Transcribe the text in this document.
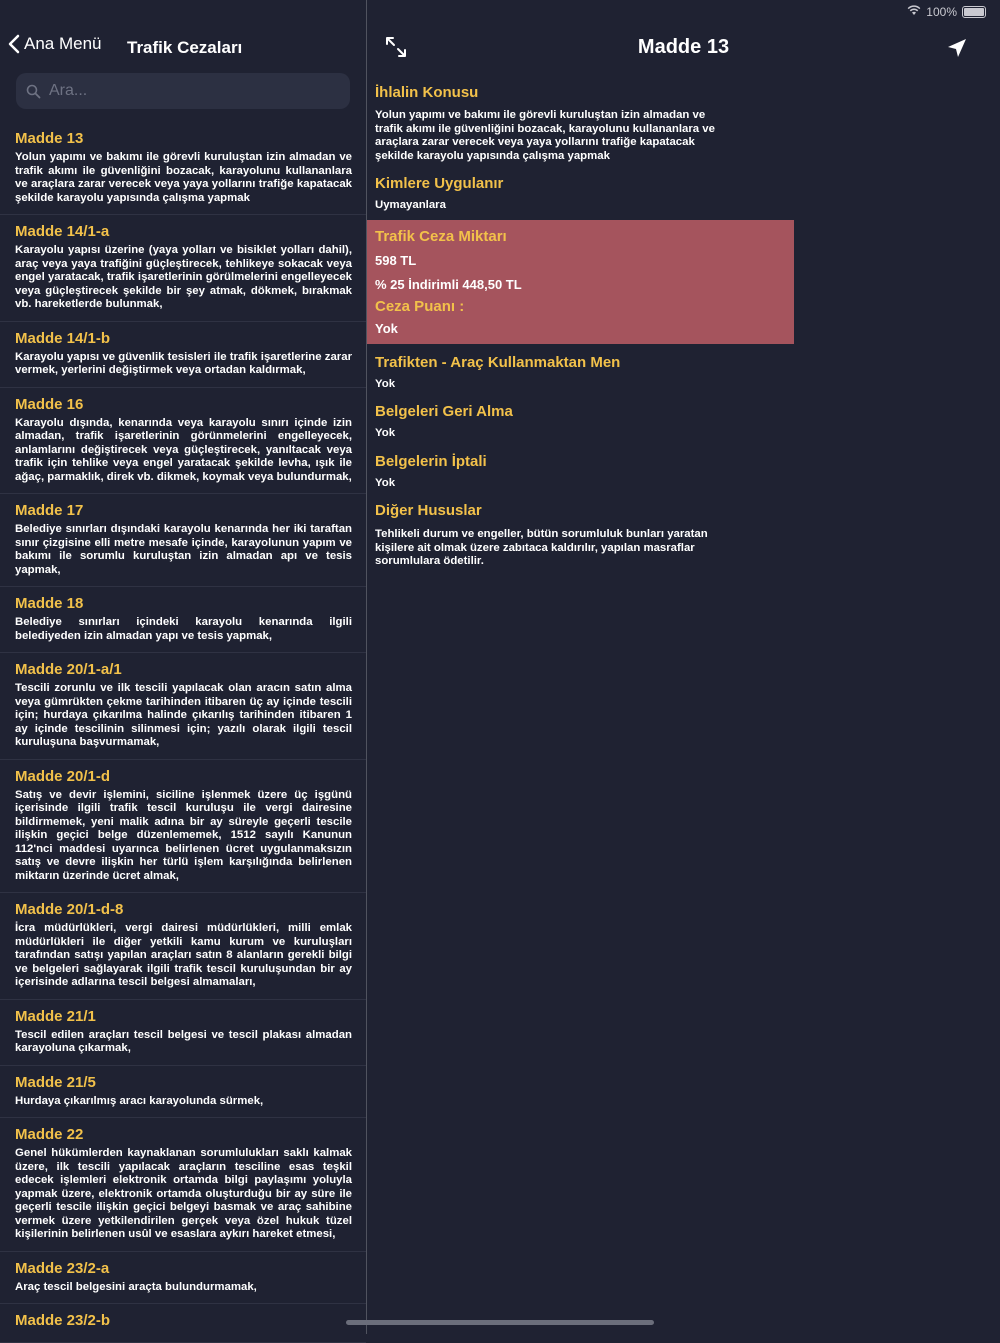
100%
Ana Menü Trafik Cezaları
Ara...
Madde 13
Yolun yapımı ve bakımı ile görevli kuruluştan izin almadan ve trafik akımı ile güvenliğini bozacak, karayolunu kullananlara ve araçlara zarar verecek veya yaya yollarını trafiğe kapatacak şekilde karayolu yapısında çalışma yapmak
Madde 14/1-a
Karayolu yapısı üzerine (yaya yolları ve bisiklet yolları dahil), araç veya yaya trafiğini güçleştirecek, tehlikeye sokacak veya engel yaratacak, trafik işaretlerinin görülmelerini engelleyecek veya güçleştirecek şekilde bir şey atmak, dökmek, bırakmak vb. hareketlerde bulunmak,
Madde 14/1-b
Karayolu yapısı ve güvenlik tesisleri ile trafik işaretlerine zarar vermek, yerlerini değiştirmek veya ortadan kaldırmak,
Madde 16
Karayolu dışında, kenarında veya karayolu sınırı içinde izin almadan, trafik işaretlerinin görünmelerini engelleyecek, anlamlarını değiştirecek veya güçleştirecek, yanıltacak veya trafik için tehlike veya engel yaratacak şekilde levha, ışık ile ağaç, parmaklık, direk vb. dikmek, koymak veya bulundurmak,
Madde 17
Belediye sınırları dışındaki karayolu kenarında her iki taraftan sınır çizgisine elli metre mesafe içinde, karayolunun yapım ve bakımı ile sorumlu kuruluştan izin almadan apı ve tesis yapmak,
Madde 18
Belediye sınırları içindeki karayolu kenarında ilgili belediyeden izin almadan yapı ve tesis yapmak,
Madde 20/1-a/1
Tescili zorunlu ve ilk tescili yapılacak olan aracın satın alma veya gümrükten çekme tarihinden itibaren üç ay içinde tescili için; hurdaya çıkarılma halinde çıkarılış tarihinden itibaren 1 ay içinde tescilinin silinmesi için; yazılı olarak ilgili tescil kuruluşuna başvurmamak,
Madde 20/1-d
Satış ve devir işlemini, siciline işlenmek üzere üç işgünü içerisinde ilgili trafik tescil kuruluşu ile vergi dairesine bildirmemek, yeni malik adına bir ay süreyle geçerli tescile ilişkin geçici belge düzenlememek, 1512 sayılı Kanunun 112'nci maddesi uyarınca belirlenen ücret uygulanmaksızın satış ve devre ilişkin her türlü işlem karşılığında belirlenen miktarın üzerinde ücret almak,
Madde 20/1-d-8
İcra müdürlükleri, vergi dairesi müdürlükleri, milli emlak müdürlükleri ile diğer yetkili kamu kurum ve kuruluşları tarafından satışı yapılan araçları satın 8 alanların gerekli bilgi ve belgeleri sağlayarak ilgili trafik tescil kuruluşundan bir ay içerisinde adlarına tescil belgesi almamaları,
Madde 21/1
Tescil edilen araçları tescil belgesi ve tescil plakası almadan karayoluna çıkarmak,
Madde 21/5
Hurdaya çıkarılmış aracı karayolunda sürmek,
Madde 22
Genel hükümlerden kaynaklanan sorumlulukları saklı kalmak üzere, ilk tescili yapılacak araçların tesciline esas teşkil edecek işlemleri elektronik ortamda bilgi paylaşımı yoluyla yapmak üzere, elektronik ortamda oluşturduğu bir ay süre ile geçerli tescile ilişkin geçici belgeyi basmak ve araç sahibine vermek üzere yetkilendirilen gerçek veya özel hukuk tüzel kişilerinin belirlenen usûl ve esaslara aykırı hareket etmesi,
Madde 23/2-a
Araç tescil belgesini araçta bulundurmamak,
Madde 23/2-b
Madde 13
İhlalin Konusu
Yolun yapımı ve bakımı ile görevli kuruluştan izin almadan ve trafik akımı ile güvenliğini bozacak, karayolunu kullananlara ve araçlara zarar verecek veya yaya yollarını trafiğe kapatacak şekilde karayolu yapısında çalışma yapmak
Kimlere Uygulanır
Uymayanlara
Trafik Ceza Miktarı
598 TL
% 25 İndirimli 448,50 TL
Ceza Puanı :
Yok
Trafikten - Araç Kullanmaktan Men
Yok
Belgeleri Geri Alma
Yok
Belgelerin İptali
Yok
Diğer Hususlar
Tehlikeli durum ve engeller, bütün sorumluluk bunları yaratan kişilere ait olmak üzere zabıtaca kaldırılır, yapılan masraflar sorumlulara ödetilir.
